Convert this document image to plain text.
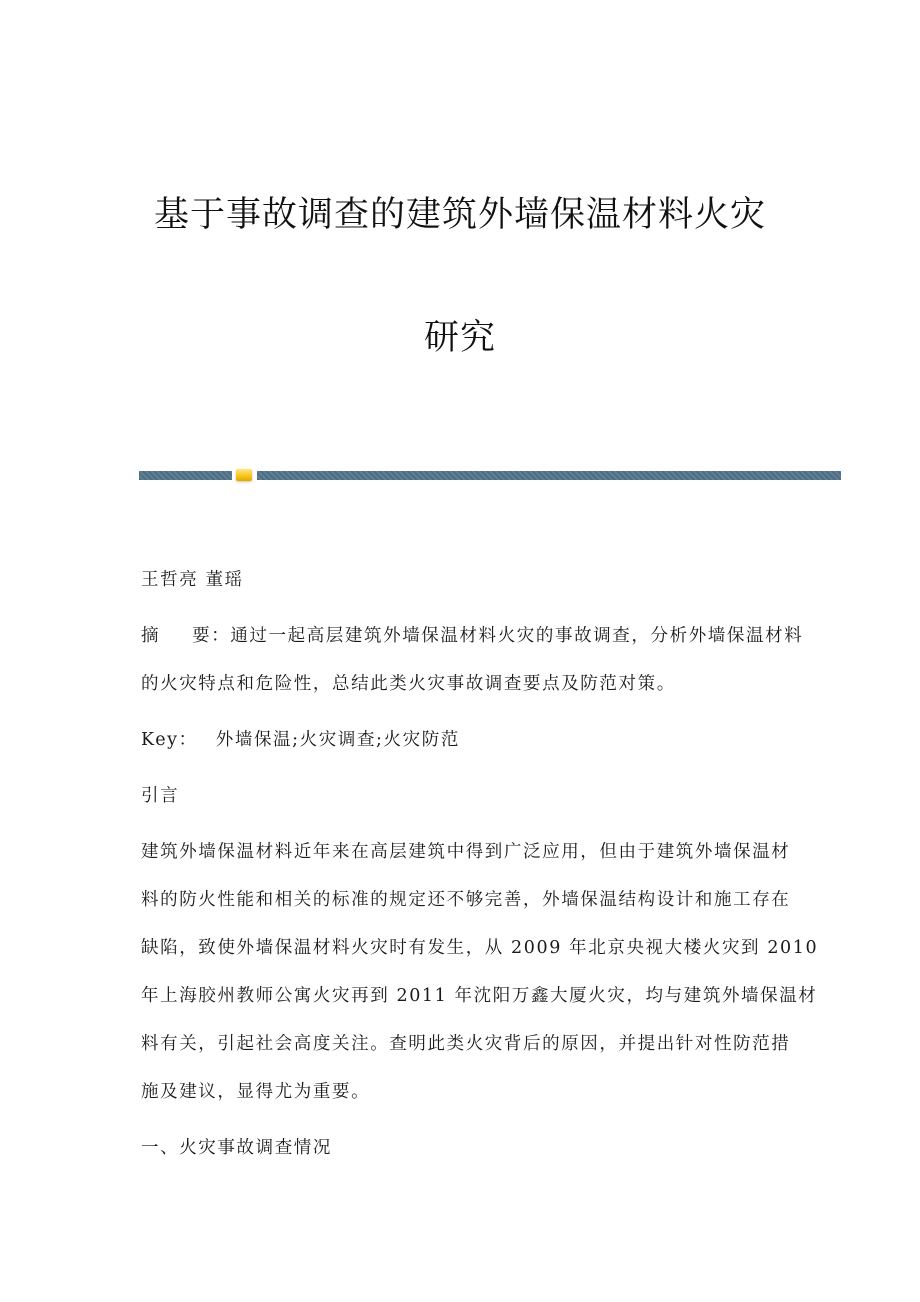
基于事故调查的建筑外墙保温材料火灾
研究
王哲亮 董瑶
摘 要：通过一起高层建筑外墙保温材料火灾的事故调查，分析外墙保温材料
的火灾特点和危险性，总结此类火灾事故调查要点及防范对策。
Key： 外墙保温;火灾调查;火灾防范
引言
建筑外墙保温材料近年来在高层建筑中得到广泛应用，但由于建筑外墙保温材
料的防火性能和相关的标准的规定还不够完善，外墙保温结构设计和施工存在
缺陷，致使外墙保温材料火灾时有发生，从 2009 年北京央视大楼火灾到 2010
年上海胶州教师公寓火灾再到 2011 年沈阳万鑫大厦火灾，均与建筑外墙保温材
料有关，引起社会高度关注。查明此类火灾背后的原因，并提出针对性防范措
施及建议，显得尤为重要。
一、火灾事故调查情况
